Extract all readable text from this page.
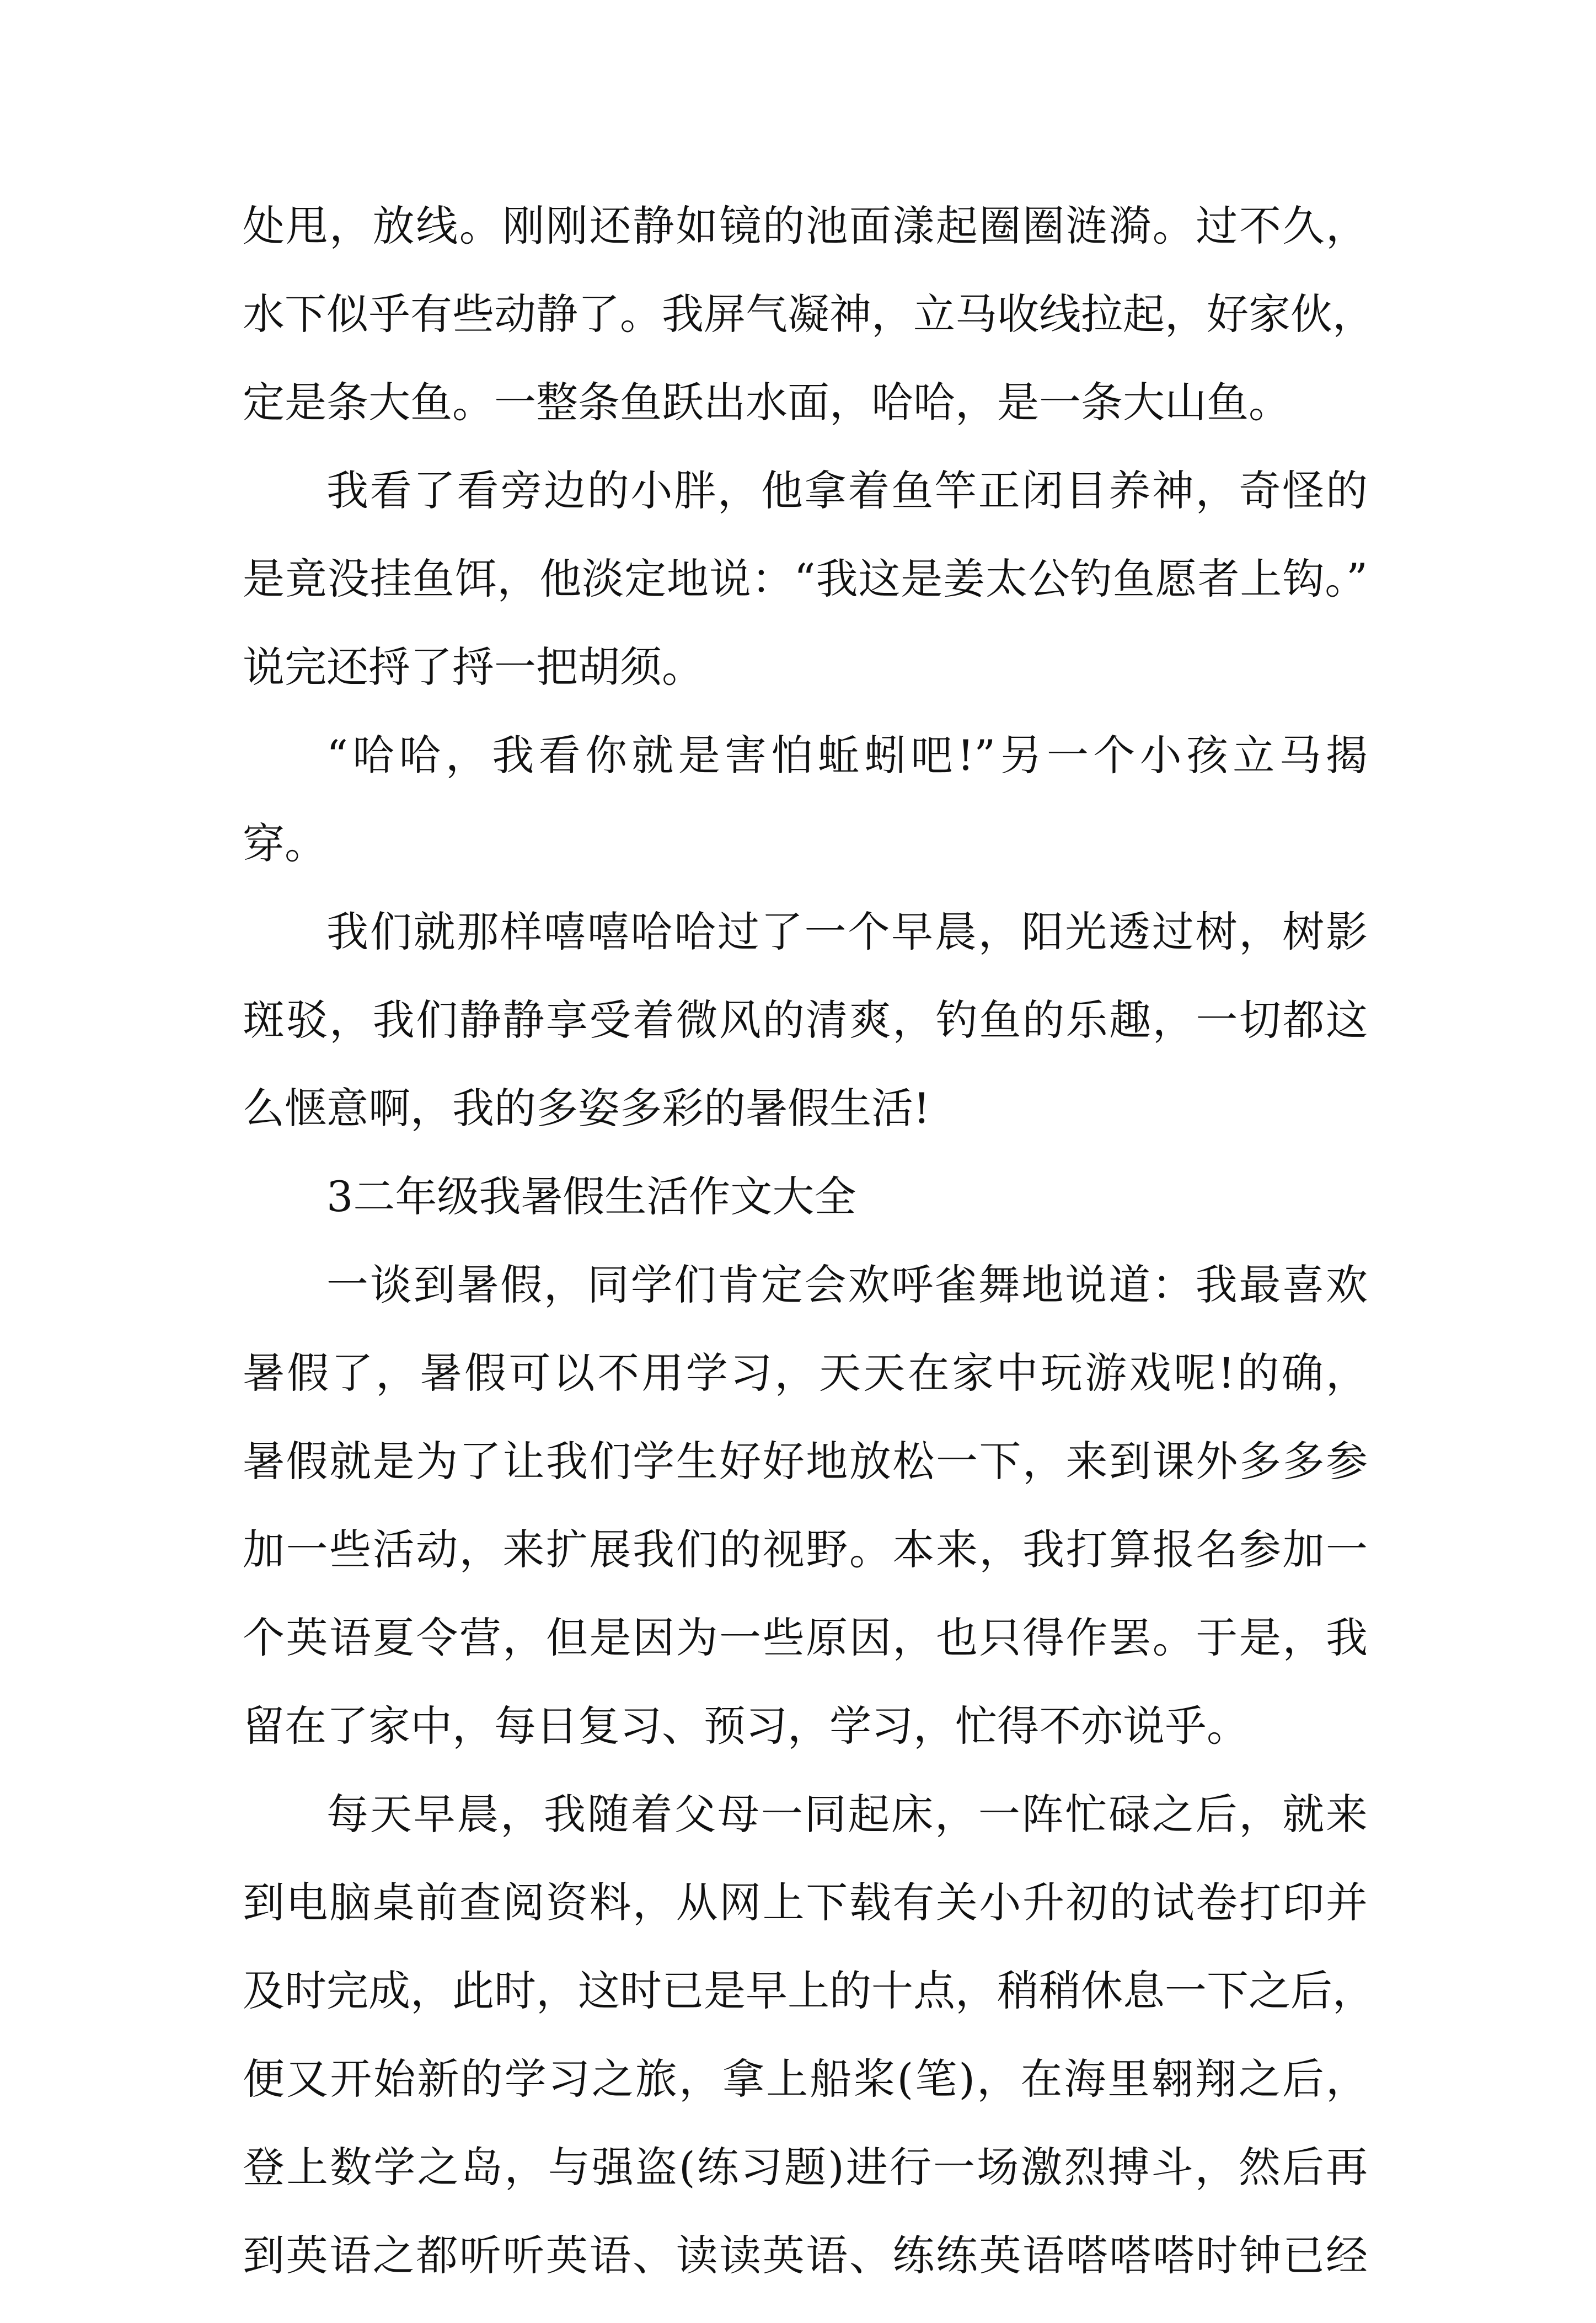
处甩，放线。刚刚还静如镜的池面漾起圈圈涟漪。过不久，
水下似乎有些动静了。我屏气凝神，立马收线拉起，好家伙，
定是条大鱼。一整条鱼跃出水面，哈哈，是一条大山鱼。
我看了看旁边的小胖，他拿着鱼竿正闭目养神，奇怪的
是竟没挂鱼饵，他淡定地说：“我这是姜太公钓鱼愿者上钩。”
说完还捋了捋一把胡须。
“哈哈，我看你就是害怕蚯蚓吧!”另一个小孩立马揭
穿。
我们就那样嘻嘻哈哈过了一个早晨，阳光透过树，树影
斑驳，我们静静享受着微风的清爽，钓鱼的乐趣，一切都这
么惬意啊，我的多姿多彩的暑假生活!
3二年级我暑假生活作文大全
一谈到暑假，同学们肯定会欢呼雀舞地说道：我最喜欢
暑假了，暑假可以不用学习，天天在家中玩游戏呢!的确，
暑假就是为了让我们学生好好地放松一下，来到课外多多参
加一些活动，来扩展我们的视野。本来，我打算报名参加一
个英语夏令营，但是因为一些原因，也只得作罢。于是，我
留在了家中，每日复习、预习，学习，忙得不亦说乎。
每天早晨，我随着父母一同起床，一阵忙碌之后，就来
到电脑桌前查阅资料，从网上下载有关小升初的试卷打印并
及时完成，此时，这时已是早上的十点，稍稍休息一下之后，
便又开始新的学习之旅，拿上船桨(笔)，在海里翱翔之后，
登上数学之岛，与强盗(练习题)进行一场激烈搏斗，然后再
到英语之都听听英语、读读英语、练练英语嗒嗒嗒时钟已经
